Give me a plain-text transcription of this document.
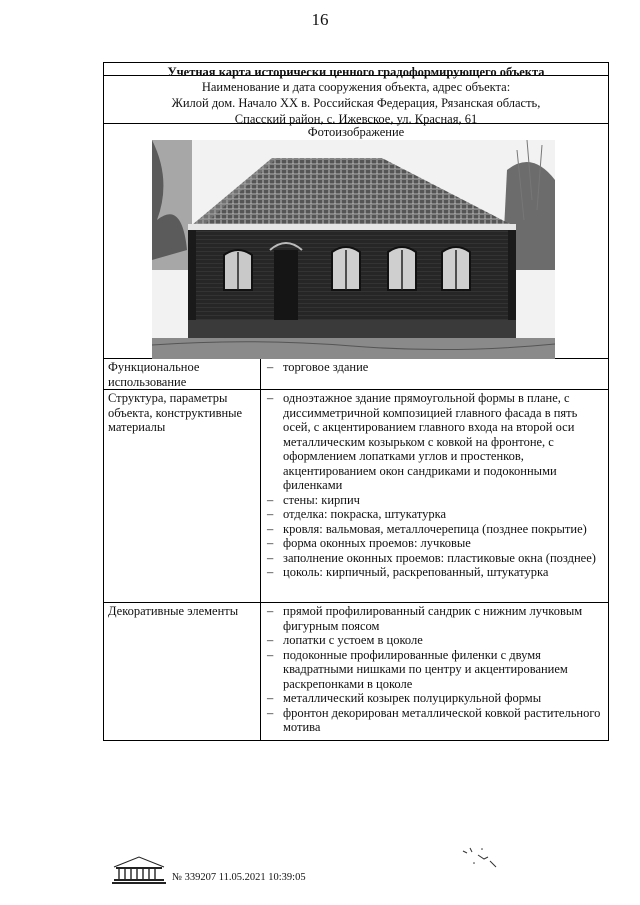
16
Учетная карта исторически ценного градоформирующего объекта
Наименование и дата сооружения объекта, адрес объекта:
Жилой дом. Начало XX в. Российская Федерация, Рязанская область,
Спасский район, с. Ижевское, ул. Красная, 61
Фотоизображение
Функциональное использование
– торговое здание
Структура, параметры объекта, конструктивные материалы
– одноэтажное здание прямоугольной формы в плане, с диссимметричной композицией главного фасада в пять осей, с акцентированием главного входа на второй оси металлическим козырьком с ковкой на фронтоне, с оформлением лопатками углов и простенков, акцентированием окон сандриками и подоконными филенками
– стены: кирпич
– отделка: покраска, штукатурка
– кровля: вальмовая, металлочерепица (позднее покрытие)
– форма оконных проемов: лучковые
– заполнение оконных проемов: пластиковые окна (позднее)
– цоколь: кирпичный, раскрепованный, штукатурка
Декоративные элементы	– прямой профилированный сандрик с нижним лучковым фигурным поясом
– лопатки с устоем в цоколе
– подоконные профилированные филенки с двумя квадратными нишками по центру и акцентированием раскрепонками в цоколе
– металлический козырек полуциркульной формы
– фронтон декорирован металлической ковкой растительного мотива
№ 339207 11.05.2021 10:39:05
